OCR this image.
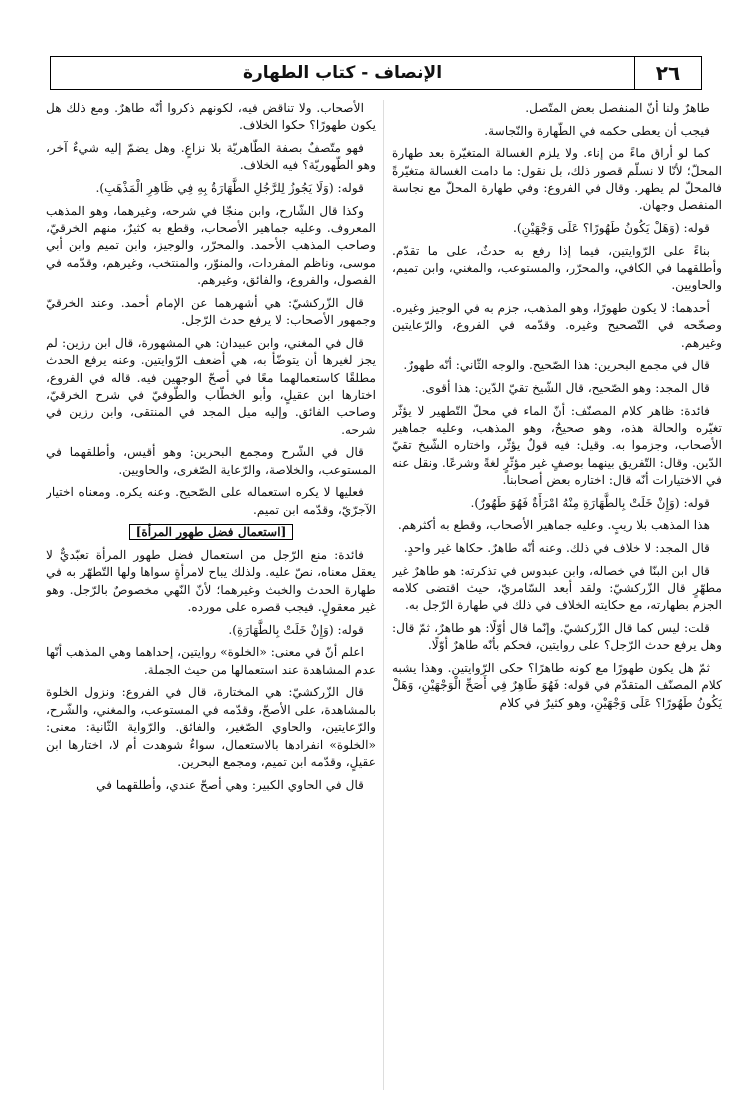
٢٦
الإنصاف - كتاب الطهارة

طاهرٌ ولنا أنّ المنفصل بعض المتّصل.

فيجب أن يعطى حكمه في الطّهارة والنّجاسة.

كما لو أراق ماءً من إناء. ولا يلزم الغسالة المتغيّرة بعد طهارة المحلّ؛ لأنّا لا نسلّم قصور ذلك، بل نقول: ما دامت الغسالة متغيّرةً فالمحلّ لم يطهر. وقال في الفروع: وفي طهارة المحلّ مع نجاسة المنفصل وجهان.

قوله: (وَهَلْ يَكُونُ طَهُورًا؟ عَلَى وَجْهَيْنِ).

بناءً على الرّوايتين، فيما إذا رفع به حدثٌ، على ما تقدّم. وأطلقهما في الكافي، والمحرّر، والمستوعب، والمغني، وابن تميم، والحاويين.

أحدهما: لا يكون طهورًا، وهو المذهب، جزم به في الوجيز وغيره. وصحّحه في التّصحيح وغيره. وقدّمه في الفروع، والرّعايتين وغيرهم.

قال في مجمع البحرين: هذا الصّحيح. والوجه الثّاني: أنّه طهورٌ.

قال المجد: وهو الصّحيح، قال الشّيخ تقيّ الدّين: هذا أقوى.

فائدة: ظاهر كلام المصنّف: أنّ الماء في محلّ التّطهير لا يؤثّر تغيّره والحالة هذه، وهو صحيحٌ، وهو المذهب، وعليه جماهير الأصحاب، وجزموا به. وقيل: فيه قولٌ يؤثّر، واختاره الشّيخ تقيّ الدّين. وقال: التّفريق بينهما بوصفٍ غير مؤثّرٍ لغةً وشرعًا. ونقل عنه في الاختيارات أنّه قال: اختاره بعض أصحابنا.

قوله: (وَإِنْ خَلَتْ بِالطَّهَارَةِ مِنْهُ امْرَأَةٌ فَهُوَ طَهُورٌ).

هذا المذهب بلا ريبٍ. وعليه جماهير الأصحاب، وقطع به أكثرهم.

قال المجد: لا خلاف في ذلك. وعنه أنّه طاهرٌ. حكاها غير واحدٍ.

قال ابن البنّا في خصاله، وابن عبدوس في تذكرته: هو طاهرٌ غير مطهّرٍ قال الزّركشيّ: ولقد أبعد السّامريّ، حيث اقتضى كلامه الجزم بطهارته، مع حكايته الخلاف في ذلك في طهارة الرّجل به.

قلت: ليس كما قال الزّركشيّ. وإنّما قال أوّلًا: هو طاهرٌ، ثمّ قال: وهل يرفع حدث الرّجل؟ على روايتين، فحكم بأنّه طاهرٌ أوّلًا.

ثمّ هل يكون طهورًا مع كونه طاهرًا؟ حكى الرّوايتين. وهذا يشبه كلام المصنّف المتقدّم في قوله: فَهُوَ طَاهِرٌ فِي أَصَحِّ الْوَجْهَيْنِ، وَهَلْ يَكُونُ طَهُورًا؟ عَلَى وَجْهَيْنِ، وهو كثيرٌ في كلام

الأصحاب. ولا تناقض فيه، لكونهم ذكروا أنّه طاهرٌ. ومع ذلك هل يكون طهورًا؟ حكوا الخلاف.

فهو متّصفٌ بصفة الطّاهريّة بلا نزاعٍ. وهل يضمّ إليه شيءٌ آخر، وهو الطّهوريّة؟ فيه الخلاف.

قوله: (وَلَا يَجُوزُ لِلرَّجُلِ الطَّهَارَةُ بِهِ فِي ظَاهِرِ الْمَذْهَبِ).

وكذا قال الشّارح، وابن منجّا في شرحه، وغيرهما، وهو المذهب المعروف. وعليه جماهير الأصحاب، وقطع به كثيرٌ، منهم الخرقيّ، وصاحب المذهب الأحمد. والمحرّر، والوجيز، وابن تميم وابن أبي موسى، وناظم المفردات، والمنوّر، والمنتخب، وغيرهم، وقدّمه في الفصول، والفروع، والفائق، وغيرهم.

قال الزّركشيّ: هي أشهرهما عن الإمام أحمد. وعند الخرقيّ وجمهور الأصحاب: لا يرفع حدث الرّجل.

قال في المغني، وابن عبيدان: هي المشهورة، قال ابن رزين: لم يجز لغيرها أن يتوضّأ به، هي أضعف الرّوايتين. وعنه يرفع الحدث مطلقًا كاستعمالهما معًا في أصحّ الوجهين فيه. قاله في الفروع، اختارها ابن عقيلٍ، وأبو الخطّاب والطّوفيّ في شرح الخرقيّ، وصاحب الفائق. وإليه ميل المجد في المنتقى، وابن رزين في شرحه.

قال في الشّرح ومجمع البحرين: وهو أقيس، وأطلقهما في المستوعب، والخلاصة، والرّعاية الصّغرى، والحاويين.

فعليها لا يكره استعماله على الصّحيح. وعنه يكره. ومعناه اختيار الآجرّيّ، وقدّمه ابن تميم.

[استعمال فضل طهور المرأة]

فائدة: منع الرّجل من استعمال فضل طهور المرأة تعبّديٌّ لا يعقل معناه، نصّ عليه. ولذلك يباح لامرأةٍ سواها ولها التّطهّر به في طهارة الحدث والخبث وغيرهما؛ لأنّ النّهي مخصوصٌ بالرّجل. وهو غير معقولٍ. فيجب قصره على مورده.

قوله: (وَإِنْ خَلَتْ بِالطَّهَارَةِ).

اعلم أنّ في معنى: «الخلوة» روايتين، إحداهما وهي المذهب أنّها عدم المشاهدة عند استعمالها من حيث الجملة.

قال الزّركشيّ: هي المختارة، قال في الفروع: ونزول الخلوة بالمشاهدة، على الأصحّ، وقدّمه في المستوعب، والمغني، والشّرح، والرّعايتين، والحاوي الصّغير، والفائق. والرّواية الثّانية: معنى: «الخلوة» انفرادها بالاستعمال، سواءٌ شوهدت أم لا، اختارها ابن عقيلٍ، وقدّمه ابن تميم، ومجمع البحرين.

قال في الحاوي الكبير: وهي أصحّ عندي، وأطلقهما في
